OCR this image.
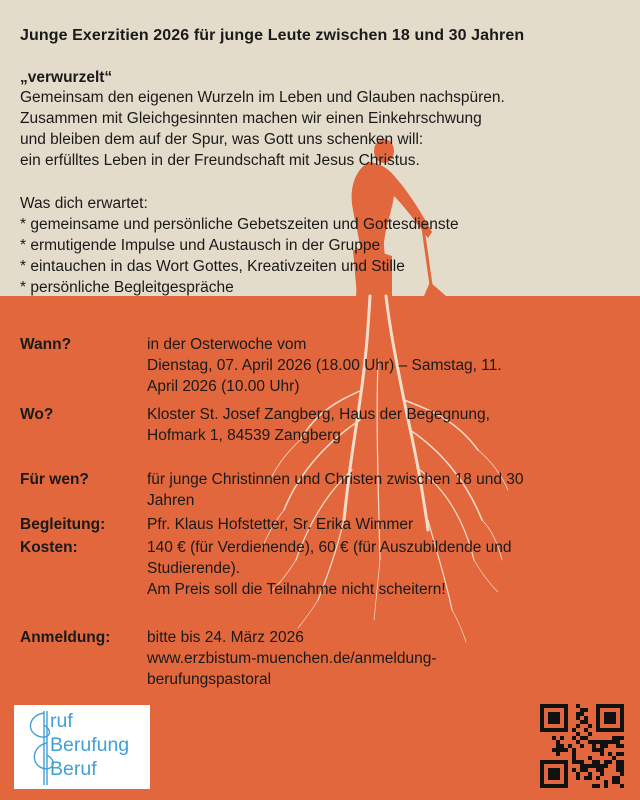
Junge Exerzitien 2026 für junge Leute zwischen 18 und 30 Jahren
„verwurzelt“
Gemeinsam den eigenen Wurzeln im Leben und Glauben nachspüren.
Zusammen mit Gleichgesinnten machen wir einen Einkehrschwung
und bleiben dem auf der Spur, was Gott uns schenken will:
ein erfülltes Leben in der Freundschaft mit Jesus Christus.
Was dich erwartet:
* gemeinsame und persönliche Gebetszeiten und Gottesdienste
* ermutigende Impulse und Austausch in der Gruppe
* eintauchen in das Wort Gottes, Kreativzeiten und Stille
* persönliche Begleitgespräche
Wann?	in der Osterwoche vom
Dienstag, 07. April 2026 (18.00 Uhr) – Samstag, 11.
April 2026 (10.00 Uhr)
Wo?	Kloster St. Josef Zangberg, Haus der Begegnung,
Hofmark 1, 84539 Zangberg
Für wen?	für junge Christinnen und Christen zwischen 18 und 30
Jahren
Begleitung:	Pfr. Klaus Hofstetter, Sr. Erika Wimmer
Kosten:	140 € (für Verdienende), 60 € (für Auszubildende und
Studierende).
Am Preis soll die Teilnahme nicht scheitern!
Anmeldung: bitte bis 24. März 2026
www.erzbistum-muenchen.de/anmeldung-
berufungspastoral
ruf
Berufung
Beruf
